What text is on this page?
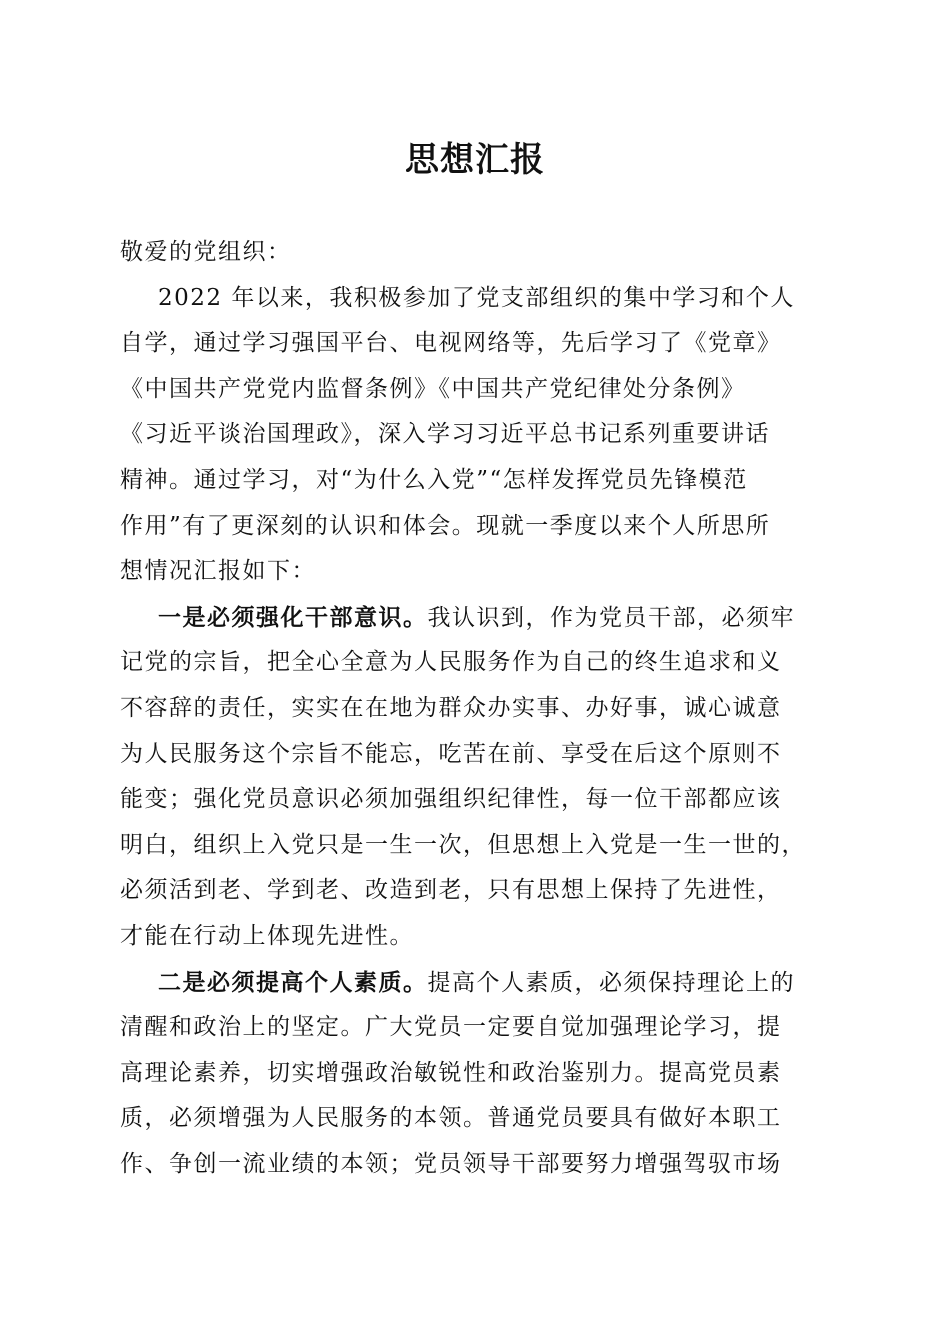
思想汇报
敬爱的党组织：
2022 年以来，我积极参加了党支部组织的集中学习和个人
自学，通过学习强国平台、电视网络等，先后学习了《党章》
《中国共产党党内监督条例》《中国共产党纪律处分条例》
《习近平谈治国理政》，深入学习习近平总书记系列重要讲话
精神。通过学习，对“为什么入党”“怎样发挥党员先锋模范
作用”有了更深刻的认识和体会。现就一季度以来个人所思所
想情况汇报如下：
一是必须强化干部意识。我认识到，作为党员干部，必须牢
记党的宗旨，把全心全意为人民服务作为自己的终生追求和义
不容辞的责任，实实在在地为群众办实事、办好事，诚心诚意
为人民服务这个宗旨不能忘，吃苦在前、享受在后这个原则不
能变；强化党员意识必须加强组织纪律性，每一位干部都应该
明白，组织上入党只是一生一次，但思想上入党是一生一世的，
必须活到老、学到老、改造到老，只有思想上保持了先进性，
才能在行动上体现先进性。
二是必须提高个人素质。提高个人素质，必须保持理论上的
清醒和政治上的坚定。广大党员一定要自觉加强理论学习，提
高理论素养，切实增强政治敏锐性和政治鉴别力。提高党员素
质，必须增强为人民服务的本领。普通党员要具有做好本职工
作、争创一流业绩的本领；党员领导干部要努力增强驾驭市场
